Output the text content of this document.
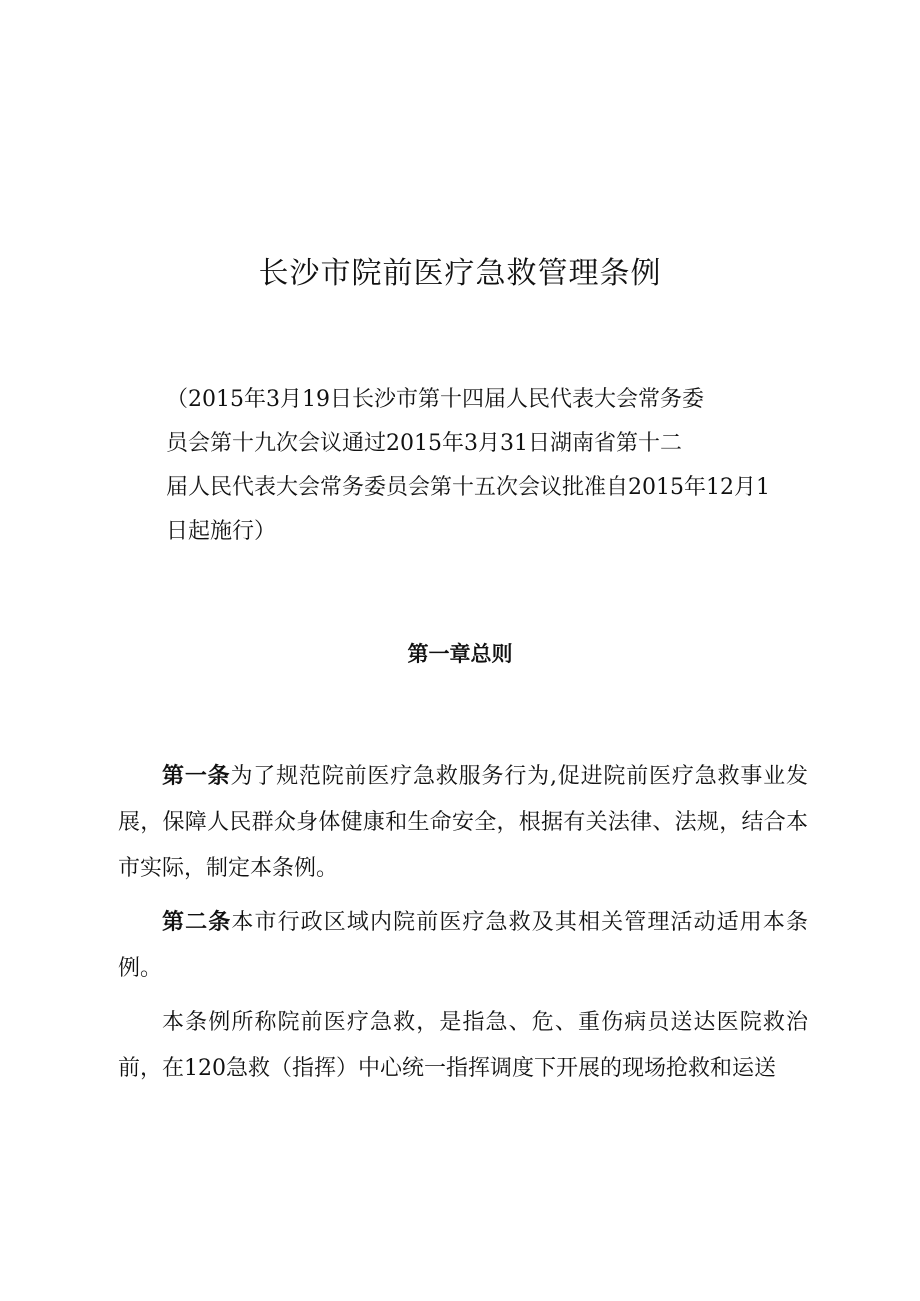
长沙市院前医疗急救管理条例
（2015年3月19日长沙市第十四届人民代表大会常务委
员会第十九次会议通过2015年3月31日湖南省第十二
届人民代表大会常务委员会第十五次会议批准自2015年12月1
日起施行）
第一章总则

第一条为了规范院前医疗急救服务行为,促进院前医疗急救事业发展，保障人民群众身体健康和生命安全，根据有关法律、法规，结合本市实际，制定本条例。

第二条本市行政区域内院前医疗急救及其相关管理活动适用本条例。

本条例所称院前医疗急救，是指急、危、重伤病员送达医院救治前，在120急救（指挥）中心统一指挥调度下开展的现场抢救和运送
